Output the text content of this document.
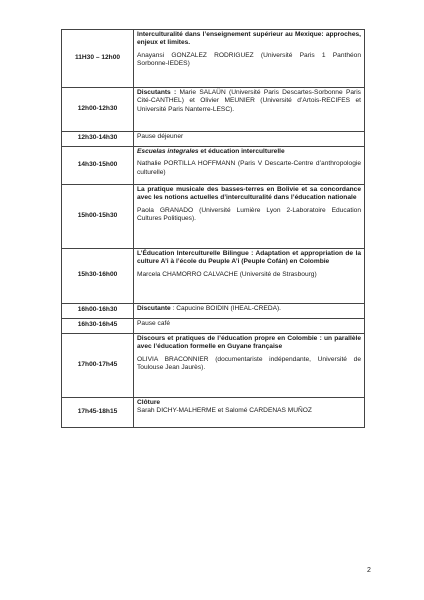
11H30 – 12h00	Interculturalité dans l’enseignement supérieur au Mexique: approches, enjeux et limites.
Anayansi GONZALEZ RODRIGUEZ (Université Paris 1 Panthéon Sorbonne-IEDES)

12h00-12h30	Discutants : Marie SALAÜN (Université Paris Descartes-Sorbonne Paris Cité-CANTHEL) et Olivier MEUNIER (Université d’Artois-RECIFES et Université Paris Nanterre-LESC).
12h30-14h30	Pause déjeuner
14h30-15h00	Escuelas integrales et éducation interculturelle
Nathalie PORTILLA HOFFMANN (Paris V Descarte-Centre d’anthropologie culturelle)

15h00-15h30	La pratique musicale des basses-terres en Bolivie et sa concordance avec les notions actuelles d’interculturalité dans l’éducation nationale
Paola GRANADO (Université Lumière Lyon 2-Laboratoire Education Cultures Politiques).

15h30-16h00	L’Éducation Interculturelle Bilingue : Adaptation et appropriation de la culture A’i à l’école du Peuple A’i (Peuple Cofán) en Colombie
Marcela CHAMORRO CALVACHE (Université de Strasbourg)

16h00-16h30	Discutante : Capucine BOIDIN (IHEAL-CREDA).
16h30-16h45	Pause café
17h00-17h45	Discours et pratiques de l’éducation propre en Colombie : un parallèle avec l’éducation formelle en Guyane française
OLIVIA BRACONNIER (documentariste indépendante, Université de Toulouse Jean Jaurès).

17h45-18h15	Clôture
Sarah DICHY-MALHERME et Salomé CARDENAS MUÑOZ
2
